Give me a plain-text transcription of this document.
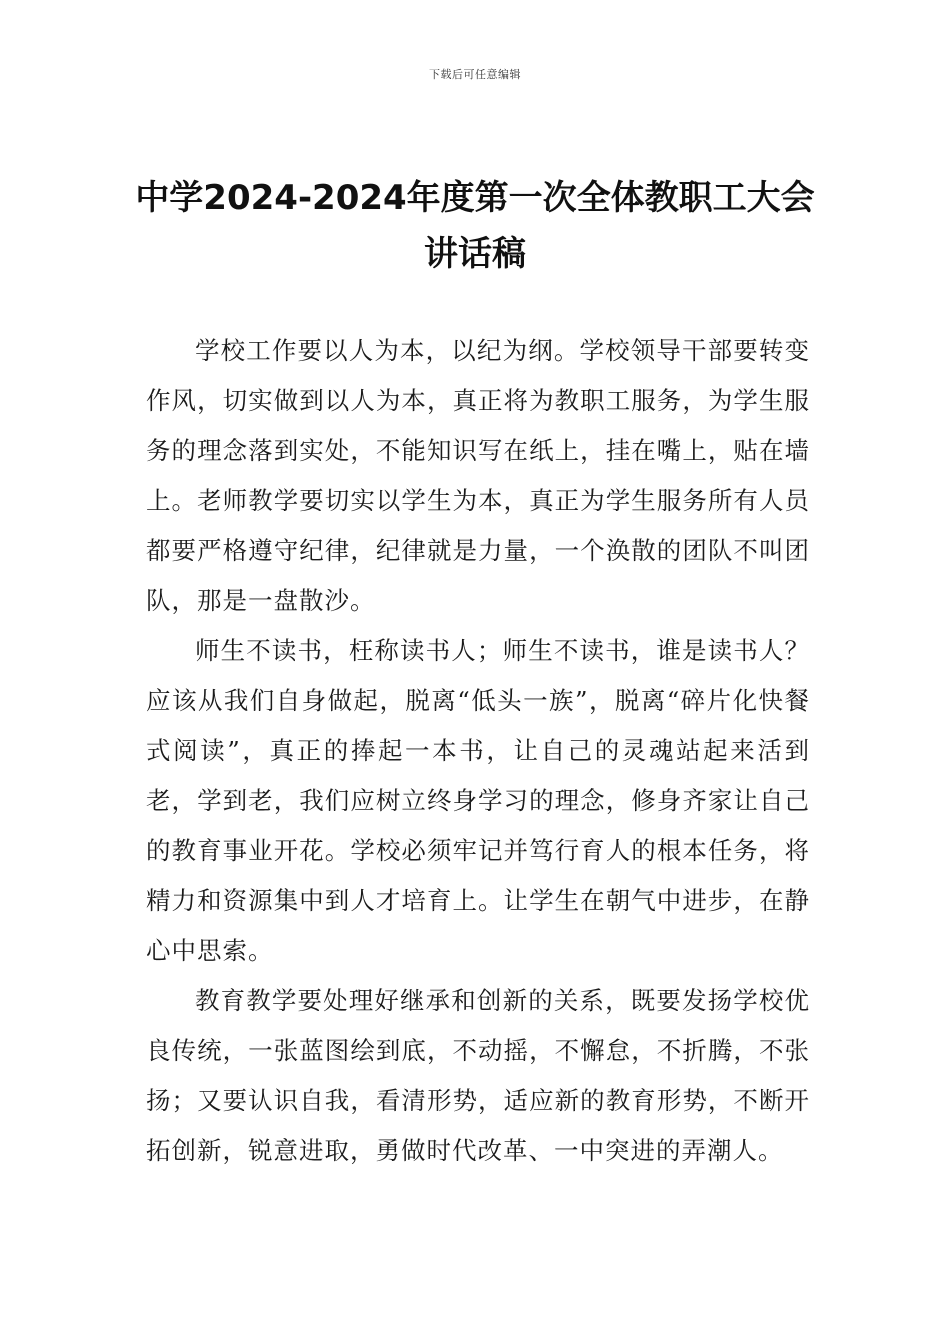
下载后可任意编辑
中学2024-2024年度第一次全体教职工大会
讲话稿

学校工作要以人为本，以纪为纲。学校领导干部要转变作风，切实做到以人为本，真正将为教职工服务，为学生服务的理念落到实处，不能知识写在纸上，挂在嘴上，贴在墙上。老师教学要切实以学生为本，真正为学生服务所有人员都要严格遵守纪律，纪律就是力量，一个涣散的团队不叫团队，那是一盘散沙。

师生不读书，枉称读书人；师生不读书，谁是读书人？应该从我们自身做起，脱离“低头一族”，脱离“碎片化快餐式阅读”，真正的捧起一本书，让自己的灵魂站起来活到老，学到老，我们应树立终身学习的理念，修身齐家让自己的教育事业开花。学校必须牢记并笃行育人的根本任务，将精力和资源集中到人才培育上。让学生在朝气中进步，在静心中思索。

教育教学要处理好继承和创新的关系，既要发扬学校优良传统，一张蓝图绘到底，不动摇，不懈怠，不折腾，不张扬；又要认识自我，看清形势，适应新的教育形势，不断开拓创新，锐意进取，勇做时代改革、一中突进的弄潮人。
